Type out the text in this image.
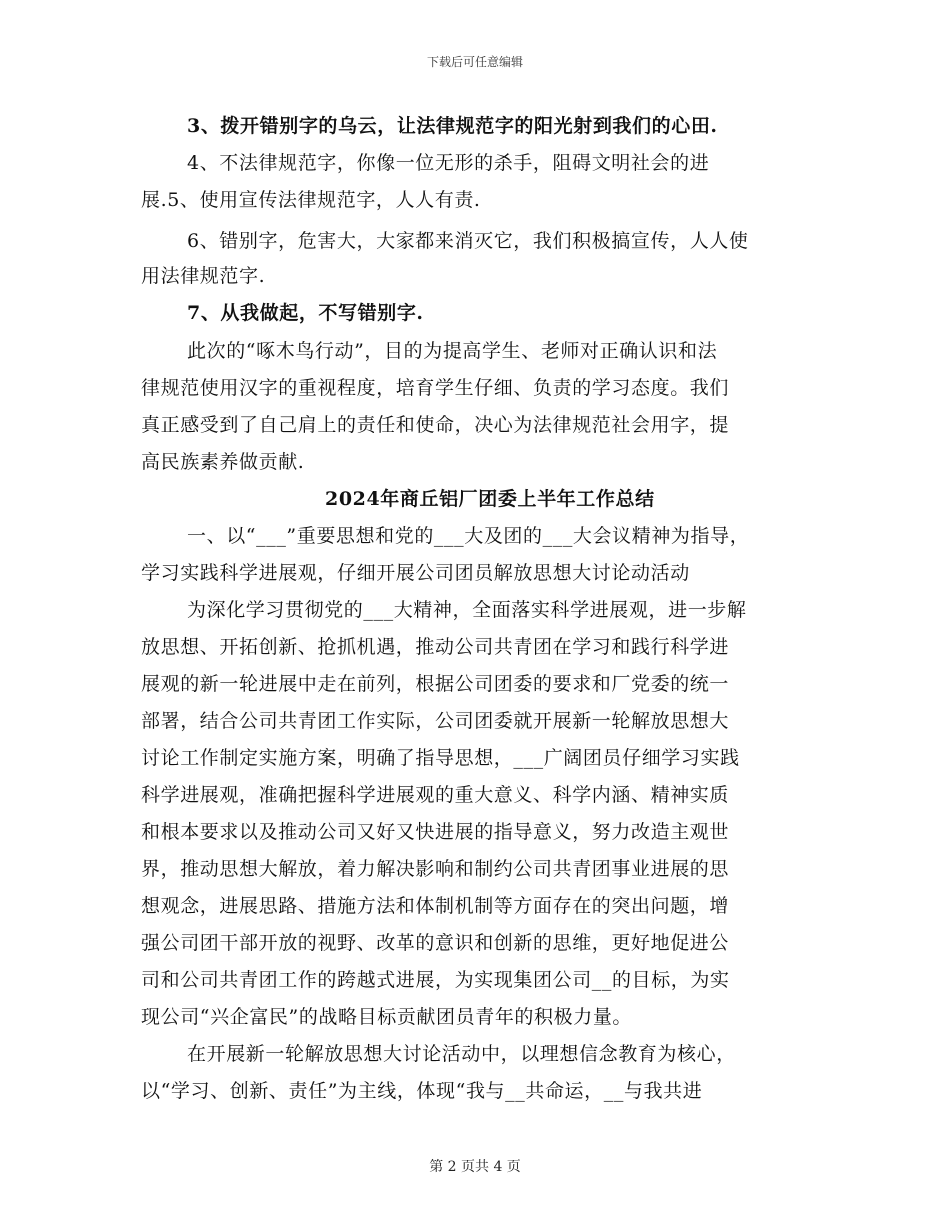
下载后可任意编辑
3、拨开错别字的乌云，让法律规范字的阳光射到我们的心田.
4、不法律规范字，你像一位无形的杀手，阻碍文明社会的进
展.5、使用宣传法律规范字，人人有责.
6、错别字，危害大，大家都来消灭它，我们积极搞宣传，人人使
用法律规范字.
7、从我做起，不写错别字.
此次的“啄木鸟行动”，目的为提高学生、老师对正确认识和法
律规范使用汉字的重视程度，培育学生仔细、负责的学习态度。我们
真正感受到了自己肩上的责任和使命，决心为法律规范社会用字，提
高民族素养做贡献.
2024年商丘铝厂团委上半年工作总结
一、以“___”重要思想和党的___大及团的___大会议精神为指导，
学习实践科学进展观，仔细开展公司团员解放思想大讨论动活动
为深化学习贯彻党的___大精神，全面落实科学进展观，进一步解
放思想、开拓创新、抢抓机遇，推动公司共青团在学习和践行科学进
展观的新一轮进展中走在前列，根据公司团委的要求和厂党委的统一
部署，结合公司共青团工作实际，公司团委就开展新一轮解放思想大
讨论工作制定实施方案，明确了指导思想，___广阔团员仔细学习实践
科学进展观，准确把握科学进展观的重大意义、科学内涵、精神实质
和根本要求以及推动公司又好又快进展的指导意义，努力改造主观世
界，推动思想大解放，着力解决影响和制约公司共青团事业进展的思
想观念，进展思路、措施方法和体制机制等方面存在的突出问题，增
强公司团干部开放的视野、改革的意识和创新的思维，更好地促进公
司和公司共青团工作的跨越式进展，为实现集团公司__的目标，为实
现公司“兴企富民”的战略目标贡献团员青年的积极力量。
在开展新一轮解放思想大讨论活动中，以理想信念教育为核心，
以“学习、创新、责任”为主线，体现“我与__共命运，__与我共进
第 2 页共 4 页
